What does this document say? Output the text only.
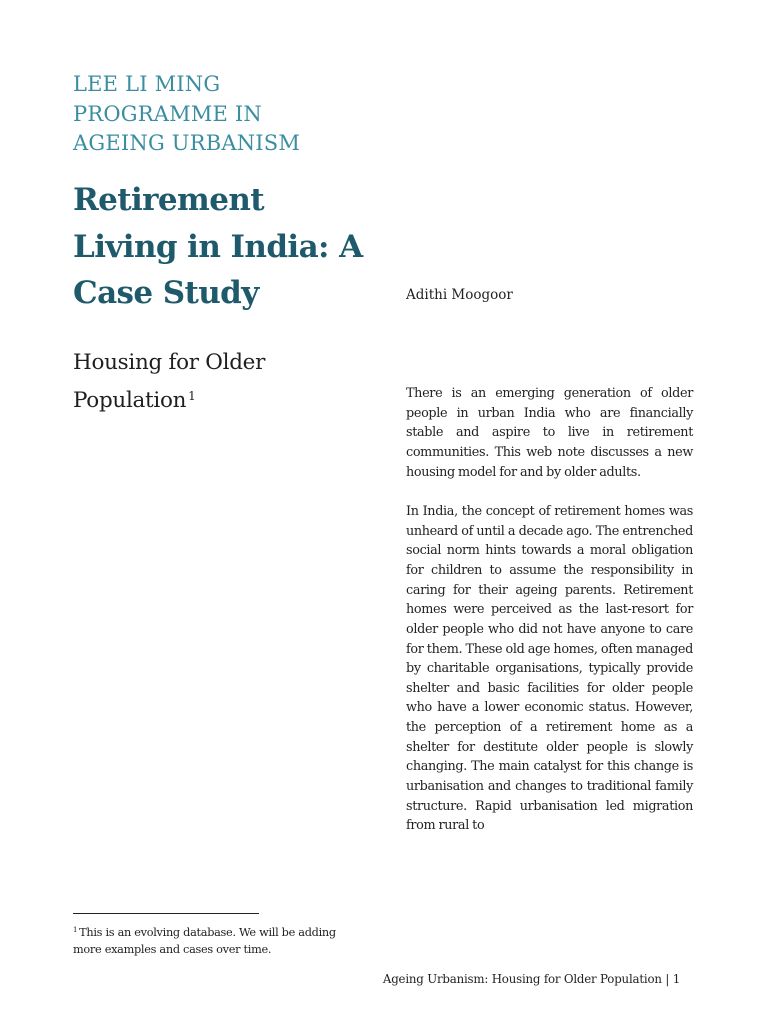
LEE LI MING
PROGRAMME IN
AGEING URBANISM
Retirement
Living in India: A
Case Study	Adithi Moogoor
Housing for Older
Population $^1$	There is an emerging generation of older people in urban India who are financially stable and aspire to live in retirement communities. This web note discusses a new housing model for and by older adults.

In India, the concept of retirement homes was unheard of until a decade ago. The entrenched social norm hints towards a moral obligation for children to assume the responsibility in caring for their ageing parents. Retirement homes were perceived as the last-resort for older people who did not have anyone to care for them. These old age homes, often managed by charitable organisations, typically provide shelter and basic facilities for older people who have a lower economic status. However, the perception of a retirement home as a shelter for destitute older people is slowly changing. The main catalyst for this change is urbanisation and changes to traditional family structure. Rapid urbanisation led migration from rural to

$^1$ This is an evolving database. We will be adding
more examples and cases over time.
Ageing Urbanism: Housing for Older Population | 1
